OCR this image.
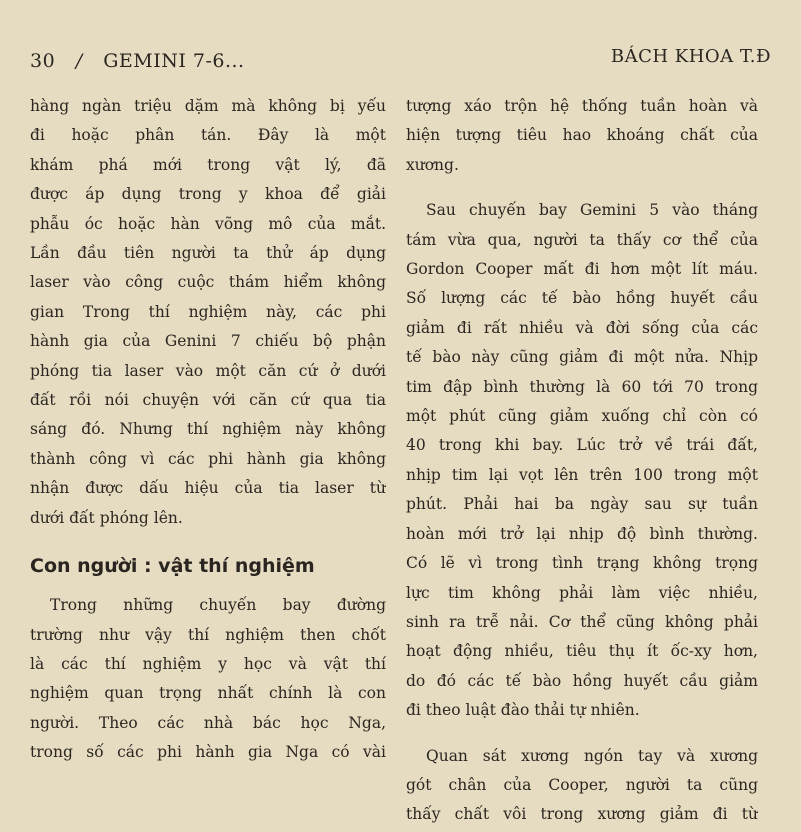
30 / GEMINI 7-6...	BÁCH KHOA T.Đ

hàng ngàn triệu dặm mà không bị yếu

đi hoặc phân tán. Đây là một

khám phá mới trong vật lý, đã

được áp dụng trong y khoa để giải

phẫu óc hoặc hàn võng mô của mắt.

Lần đầu tiên người ta thử áp dụng

laser vào công cuộc thám hiểm không

gian Trong thí nghiệm này, các phi

hành gia của Genini 7 chiếu bộ phận

phóng tia laser vào một căn cứ ở dưới

đất rồi nói chuyện với căn cứ qua tia

sáng đó. Nhưng thí nghiệm này không

thành công vì các phi hành gia không

nhận được dấu hiệu của tia laser từ

dưới đất phóng lên.

Con người : vật thí nghiệm

Trong những chuyến bay đường

trường như vậy thí nghiệm then chốt

là các thí nghiệm y học và vật thí

nghiệm quan trọng nhất chính là con

người. Theo các nhà bác học Nga,

trong số các phi hành gia Nga có vài

tượng xáo trộn hệ thống tuần hoàn và

hiện tượng tiêu hao khoáng chất của

xương.

Sau chuyến bay Gemini 5 vào tháng

tám vừa qua, người ta thấy cơ thể của

Gordon Cooper mất đi hơn một lít máu.

Số lượng các tế bào hồng huyết cầu

giảm đi rất nhiều và đời sống của các

tế bào này cũng giảm đi một nửa. Nhịp

tim đập bình thường là 60 tới 70 trong

một phút cũng giảm xuống chỉ còn có

40 trong khi bay. Lúc trở về trái đất,

nhịp tim lại vọt lên trên 100 trong một

phút. Phải hai ba ngày sau sự tuần

hoàn mới trở lại nhịp độ bình thường.

Có lẽ vì trong tình trạng không trọng

lực tim không phải làm việc nhiều,

sinh ra trễ nải. Cơ thể cũng không phải

hoạt động nhiều, tiêu thụ ít ốc-xy hơn,

do đó các tế bào hồng huyết cầu giảm

đi theo luật đào thải tự nhiên.

Quan sát xương ngón tay và xương

gót chân của Cooper, người ta cũng

thấy chất vôi trong xương giảm đi từ
